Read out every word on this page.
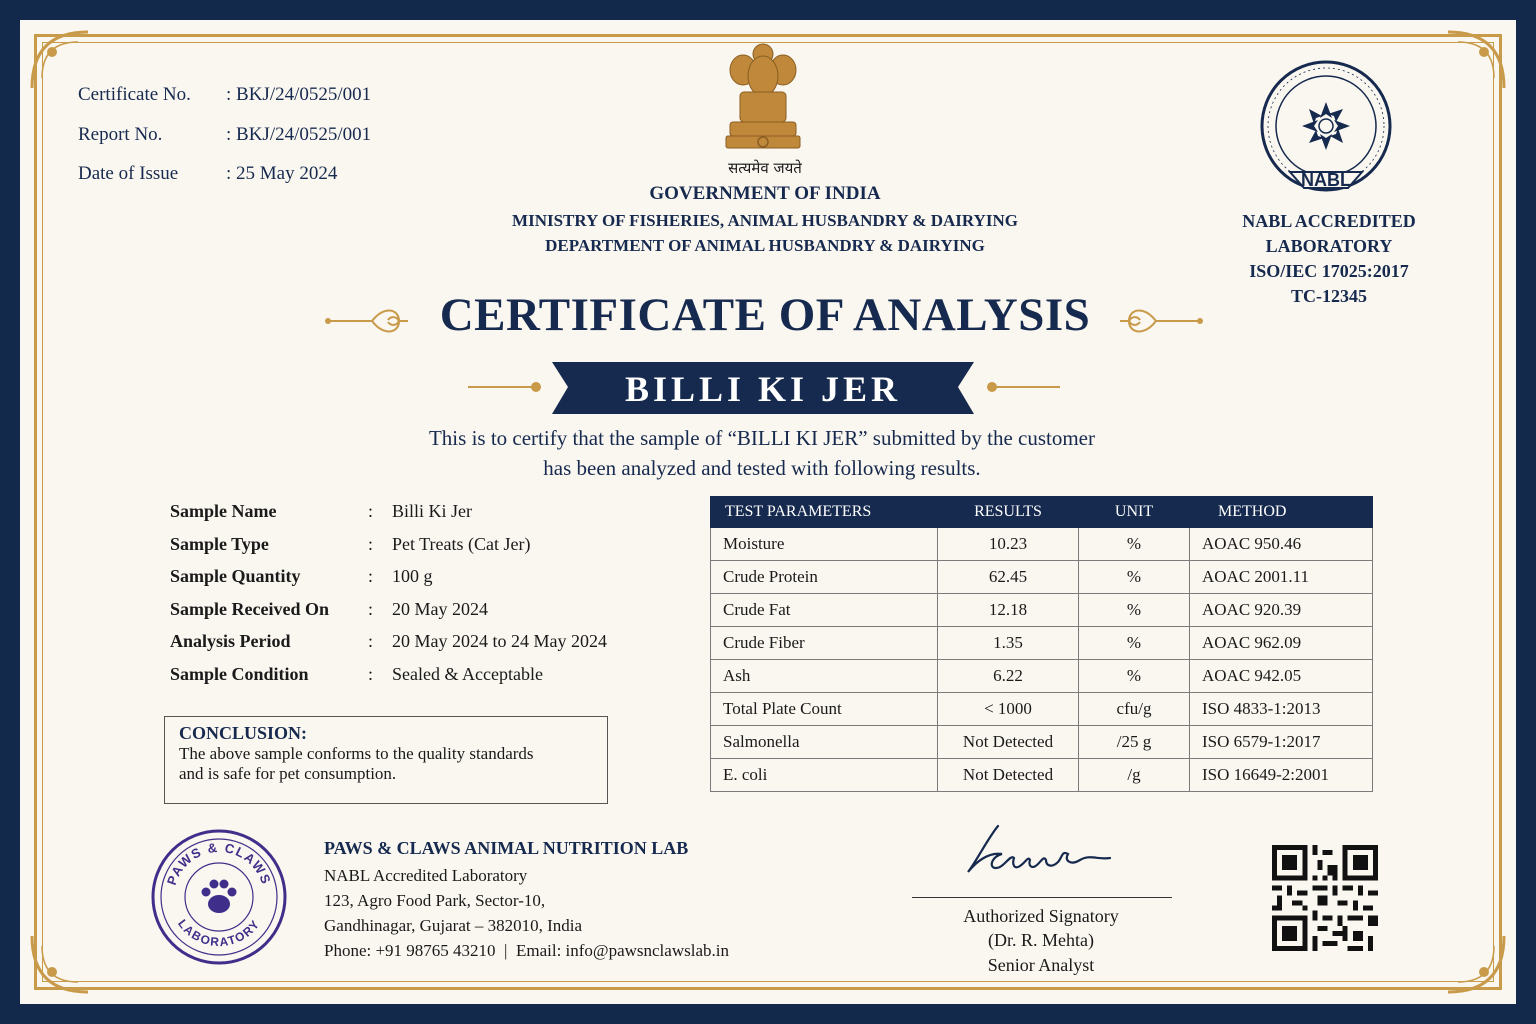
Certificate No. : BKJ/24/0525/001
Report No.	: BKJ/24/0525/001
Date of Issue	: 25 May 2024	सत्यमेव जयते
GOVERNMENT OF INDIA
MINISTRY OF FISHERIES, ANIMAL HUSBANDRY & DAIRYING
DEPARTMENT OF ANIMAL HUSBANDRY & DAIRYING
NABL
NABL ACCREDITED
LABORATORY
ISO/IEC 17025:2017
TC-12345
CERTIFICATE OF ANALYSIS
BILLI KI JER
This is to certify that the sample of “BILLI KI JER” submitted by the customer
has been analyzed and tested with following results.
Sample Name	: Billi Ki Jer
Sample Type	: Pet Treats (Cat Jer)
Sample Quantity	: 100 g
Sample Received On	: 20 May 2024
Analysis Period	: 20 May 2024 to 24 May 2024
Sample Condition	: Sealed & Acceptable
CONCLUSION:
The above sample conforms to the quality standards
and is safe for pet consumption.
TEST PARAMETERS	RESULTS	UNIT	METHOD
Moisture	10.23	%	AOAC 950.46
Crude Protein	62.45	%	AOAC 2001.11
Crude Fat	12.18	%	AOAC 920.39
Crude Fiber	1.35	%	AOAC 962.09
Ash	6.22	%	AOAC 942.05
Total Plate Count	< 1000	cfu/g	ISO 4833-1:2013
Salmonella	Not Detected	/25 g	ISO 6579-1:2017
E. coli	Not Detected	/g	ISO 16649-2:2001
PAWS & CLAWS
LABORATORY
PAWS & CLAWS ANIMAL NUTRITION LAB
NABL Accredited Laboratory
123, Agro Food Park, Sector-10,
Gandhinagar, Gujarat – 382010, India
Phone: +91 98765 43210  |  Email: info@pawsnclawslab.in
Authorized Signatory
(Dr. R. Mehta)
Senior Analyst
